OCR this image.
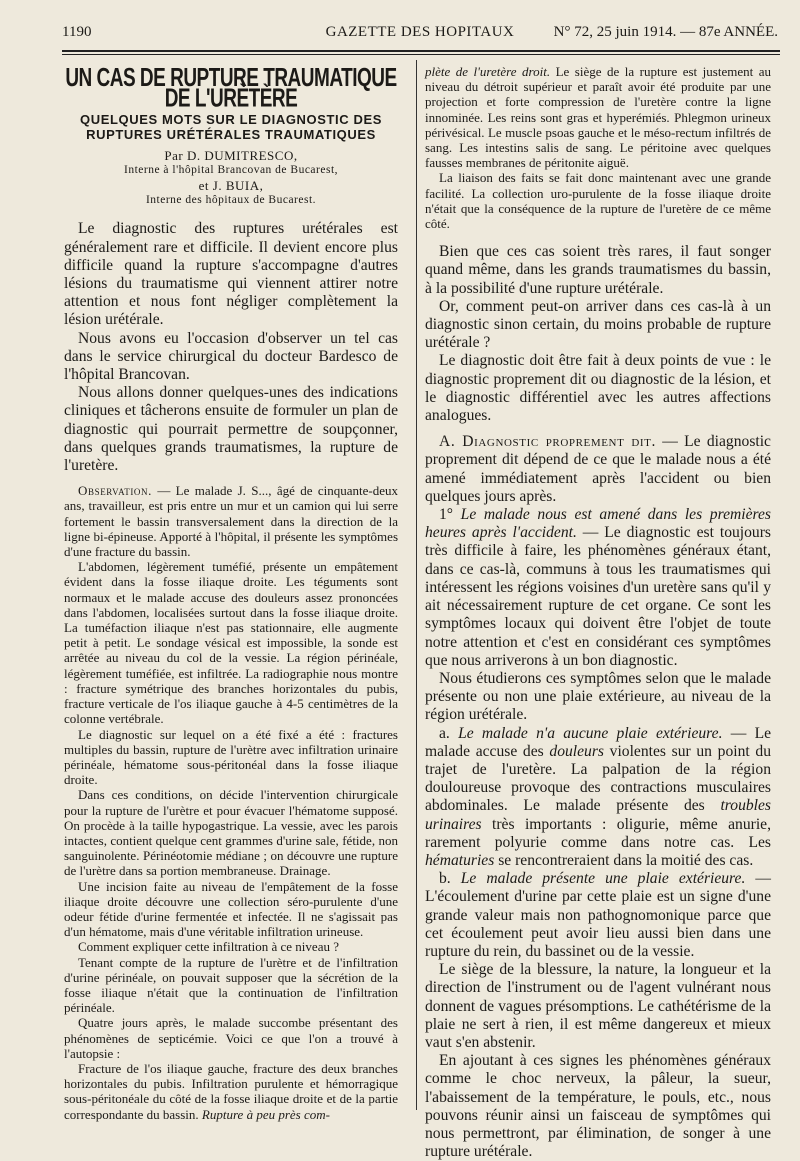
1190	GAZETTE DES HOPITAUX	N° 72, 25 juin 1914. — 87e ANNÉE.
UN CAS DE RUPTURE TRAUMATIQUE DE L'URÈTÈRE
QUELQUES MOTS SUR LE DIAGNOSTIC DES RUPTURES URÉTÉRALES TRAUMATIQUES

Par D. DUMITRESCO,

Interne à l'hôpital Brancovan de Bucarest,

et J. BUIA,

Interne des hôpitaux de Bucarest.

Le diagnostic des ruptures urétérales est généralement rare et difficile. Il devient encore plus difficile quand la rupture s'accompagne d'autres lésions du traumatisme qui viennent attirer notre attention et nous font négliger complètement la lésion urétérale.

Nous avons eu l'occasion d'observer un tel cas dans le service chirurgical du docteur Bardesco de l'hôpital Brancovan.

Nous allons donner quelques-unes des indications cliniques et tâcherons ensuite de formuler un plan de diagnostic qui pourrait permettre de soupçonner, dans quelques grands traumatismes, la rupture de l'uretère.

Observation. — Le malade J. S..., âgé de cinquante-deux ans, travailleur, est pris entre un mur et un camion qui lui serre fortement le bassin transversalement dans la direction de la ligne bi-épineuse. Apporté à l'hôpital, il présente les symptômes d'une fracture du bassin.

L'abdomen, légèrement tuméfié, présente un empâtement évident dans la fosse iliaque droite. Les téguments sont normaux et le malade accuse des douleurs assez prononcées dans l'abdomen, localisées surtout dans la fosse iliaque droite. La tuméfaction iliaque n'est pas stationnaire, elle augmente petit à petit. Le sondage vésical est impossible, la sonde est arrêtée au niveau du col de la vessie. La région périnéale, légèrement tuméfiée, est infiltrée. La radiographie nous montre : fracture symétrique des branches horizontales du pubis, fracture verticale de l'os iliaque gauche à 4-5 centimètres de la colonne vertébrale.

Le diagnostic sur lequel on a été fixé a été : fractures multiples du bassin, rupture de l'urètre avec infiltration urinaire périnéale, hématome sous-péritonéal dans la fosse iliaque droite.

Dans ces conditions, on décide l'intervention chirurgicale pour la rupture de l'urètre et pour évacuer l'hématome supposé. On procède à la taille hypogastrique. La vessie, avec les parois intactes, contient quelque cent grammes d'urine sale, fétide, non sanguinolente. Périnéotomie médiane ; on découvre une rupture de l'urètre dans sa portion membraneuse. Drainage.

Une incision faite au niveau de l'empâtement de la fosse iliaque droite découvre une collection séro-purulente d'une odeur fétide d'urine fermentée et infectée. Il ne s'agissait pas d'un hématome, mais d'une véritable infiltration urineuse.

Comment expliquer cette infiltration à ce niveau ?

Tenant compte de la rupture de l'urètre et de l'infiltration d'urine périnéale, on pouvait supposer que la sécrétion de la fosse iliaque n'était que la continuation de l'infiltration périnéale.

Quatre jours après, le malade succombe présentant des phénomènes de septicémie. Voici ce que l'on a trouvé à l'autopsie :

Fracture de l'os iliaque gauche, fracture des deux branches horizontales du pubis. Infiltration purulente et hémorragique sous-péritonéale du côté de la fosse iliaque droite et de la partie correspondante du bassin. Rupture à peu près com-

plète de l'uretère droit. Le siège de la rupture est justement au niveau du détroit supérieur et paraît avoir été produite par une projection et forte compression de l'uretère contre la ligne innominée. Les reins sont gras et hyperémiés. Phlegmon urineux périvésical. Le muscle psoas gauche et le méso-rectum infiltrés de sang. Les intestins salis de sang. Le péritoine avec quelques fausses membranes de péritonite aiguë.

La liaison des faits se fait donc maintenant avec une grande facilité. La collection uro-purulente de la fosse iliaque droite n'était que la conséquence de la rupture de l'uretère de ce même côté.

Bien que ces cas soient très rares, il faut songer quand même, dans les grands traumatismes du bassin, à la possibilité d'une rupture urétérale.

Or, comment peut-on arriver dans ces cas-là à un diagnostic sinon certain, du moins probable de rupture urétérale ?

Le diagnostic doit être fait à deux points de vue : le diagnostic proprement dit ou diagnostic de la lésion, et le diagnostic différentiel avec les autres affections analogues.

A. Diagnostic proprement dit. — Le diagnostic proprement dit dépend de ce que le malade nous a été amené immédiatement après l'accident ou bien quelques jours après.

1° Le malade nous est amené dans les premières heures après l'accident. — Le diagnostic est toujours très difficile à faire, les phénomènes généraux étant, dans ce cas-là, communs à tous les traumatismes qui intéressent les régions voisines d'un uretère sans qu'il y ait nécessairement rupture de cet organe. Ce sont les symptômes locaux qui doivent être l'objet de toute notre attention et c'est en considérant ces symptômes que nous arriverons à un bon diagnostic.

Nous étudierons ces symptômes selon que le malade présente ou non une plaie extérieure, au niveau de la région urétérale.

a. Le malade n'a aucune plaie extérieure. — Le malade accuse des douleurs violentes sur un point du trajet de l'uretère. La palpation de la région douloureuse provoque des contractions musculaires abdominales. Le malade présente des troubles urinaires très importants : oligurie, même anurie, rarement polyurie comme dans notre cas. Les hématuries se rencontreraient dans la moitié des cas.

b. Le malade présente une plaie extérieure. — L'écoulement d'urine par cette plaie est un signe d'une grande valeur mais non pathognomonique parce que cet écoulement peut avoir lieu aussi bien dans une rupture du rein, du bassinet ou de la vessie.

Le siège de la blessure, la nature, la longueur et la direction de l'instrument ou de l'agent vulnérant nous donnent de vagues présomptions. Le cathétérisme de la plaie ne sert à rien, il est même dangereux et mieux vaut s'en abstenir.

En ajoutant à ces signes les phénomènes généraux comme le choc nerveux, la pâleur, la sueur, l'abaissement de la température, le pouls, etc., nous pouvons réunir ainsi un faisceau de symptômes qui nous permettront, par élimination, de songer à une rupture urétérale.
